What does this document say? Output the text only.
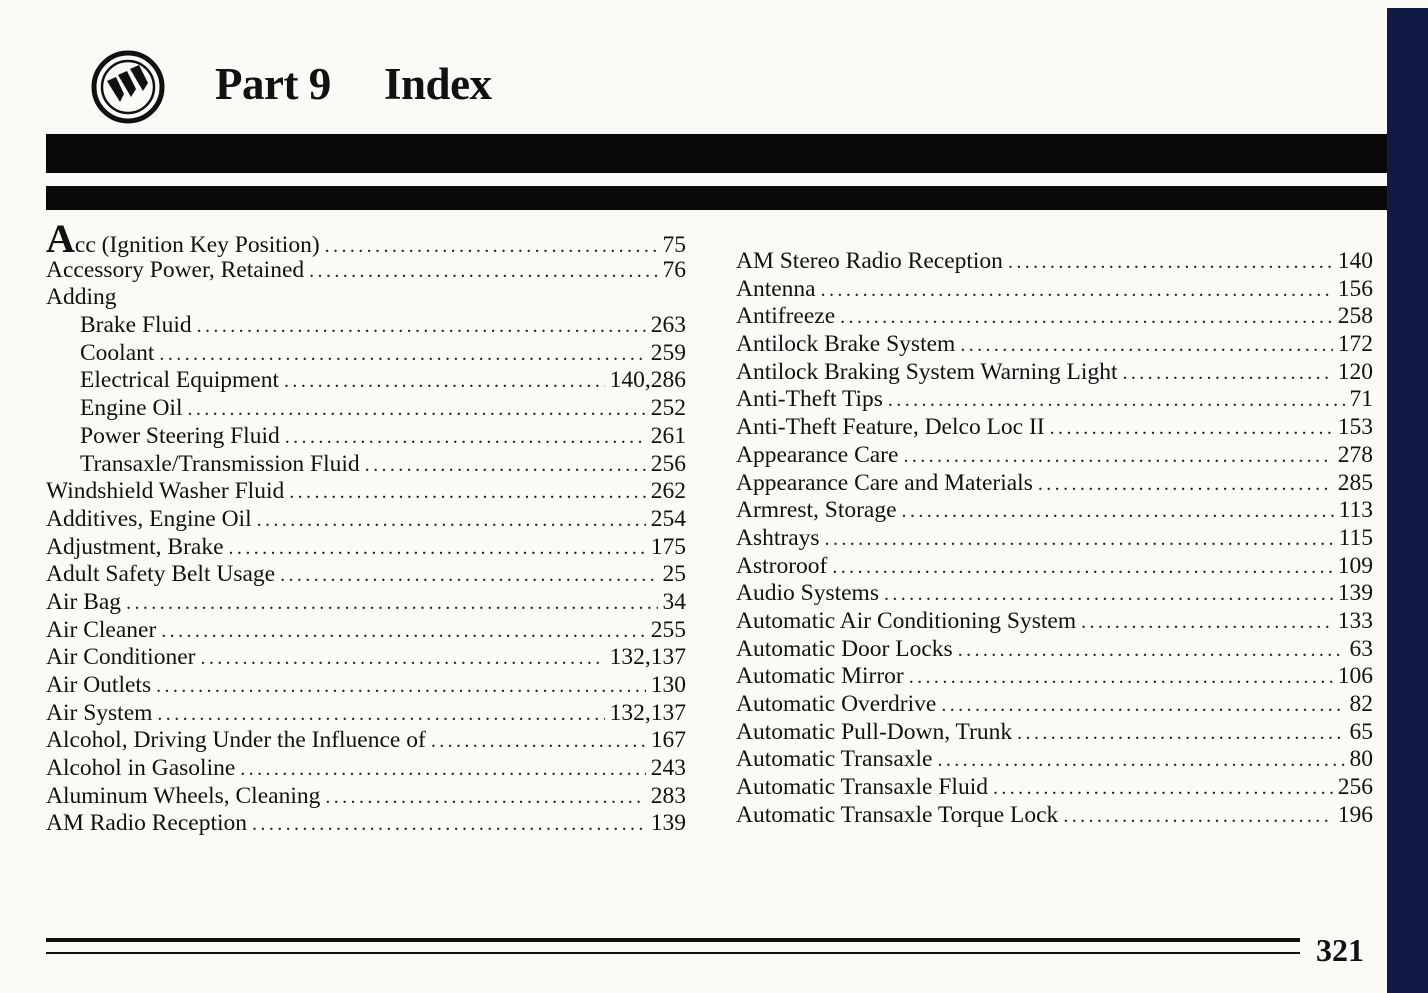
Part 9 Index
Acc (Ignition Key Position) .....	75
Accessory Power, Retained .....	76
Adding
Brake Fluid .....	263
Coolant .....	259
Electrical Equipment .....	140,286
Engine Oil .....	252
Power Steering Fluid .....	261
Transaxle/Transmission Fluid .....	256
Windshield Washer Fluid .....	262
Additives, Engine Oil .....	254
Adjustment, Brake .....	175
Adult Safety Belt Usage .....	25
Air Bag .....	34
Air Cleaner .....	255
Air Conditioner .....	132,137
Air Outlets .....	130
Air System .....	132,137
Alcohol, Driving Under the Influence of .....	167
Alcohol in Gasoline .....	243
Aluminum Wheels, Cleaning .....	283
AM Radio Reception .....	139
AM Stereo Radio Reception .....	140
Antenna .....	156
Antifreeze .....	258
Antilock Brake System .....	172
Antilock Braking System Warning Light .....	120
Anti-Theft Tips .....	71
Anti-Theft Feature, Delco Loc II .....	153
Appearance Care .....	278
Appearance Care and Materials .....	285
Armrest, Storage .....	113
Ashtrays .....	115
Astroroof .....	109
Audio Systems .....	139
Automatic Air Conditioning System .....	133
Automatic Door Locks .....	63
Automatic Mirror .....	106
Automatic Overdrive .....	82
Automatic Pull-Down, Trunk .....	65
Automatic Transaxle .....	80
Automatic Transaxle Fluid .....	256
Automatic Transaxle Torque Lock .....	196
321
